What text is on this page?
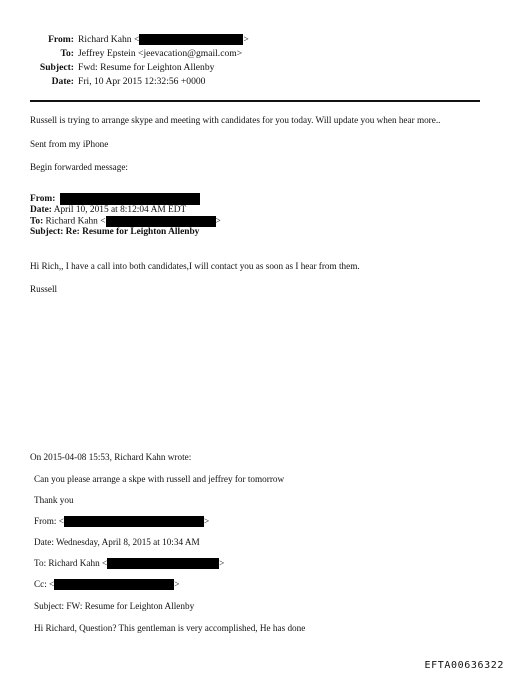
From: Richard Kahn <	>
To: Jeffrey Epstein <jeevacation@gmail.com>
Subject: Fwd: Resume for Leighton Allenby
Date: Fri, 10 Apr 2015 12:32:56 +0000
Russell is trying to arrange skype and meeting with candidates for you today. Will update you when hear more..
Sent from my iPhone
Begin forwarded message:
From:
Date: April 10, 2015 at 8:12:04 AM EDT
To: Richard Kahn <	>
Subject: Re: Resume for Leighton Allenby
Hi Rich,, I have a call into both candidates,I will contact you as soon as I hear from them.
Russell
On 2015-04-08 15:53, Richard Kahn wrote:
Can you please arrange a skpe with russell and jeffrey for tomorrow
Thank you
From: <	>
Date: Wednesday, April 8, 2015 at 10:34 AM
To: Richard Kahn <	>
Cc: <	>
Subject: FW: Resume for Leighton Allenby
Hi Richard, Question? This gentleman is very accomplished, He has done
EFTA00636322
